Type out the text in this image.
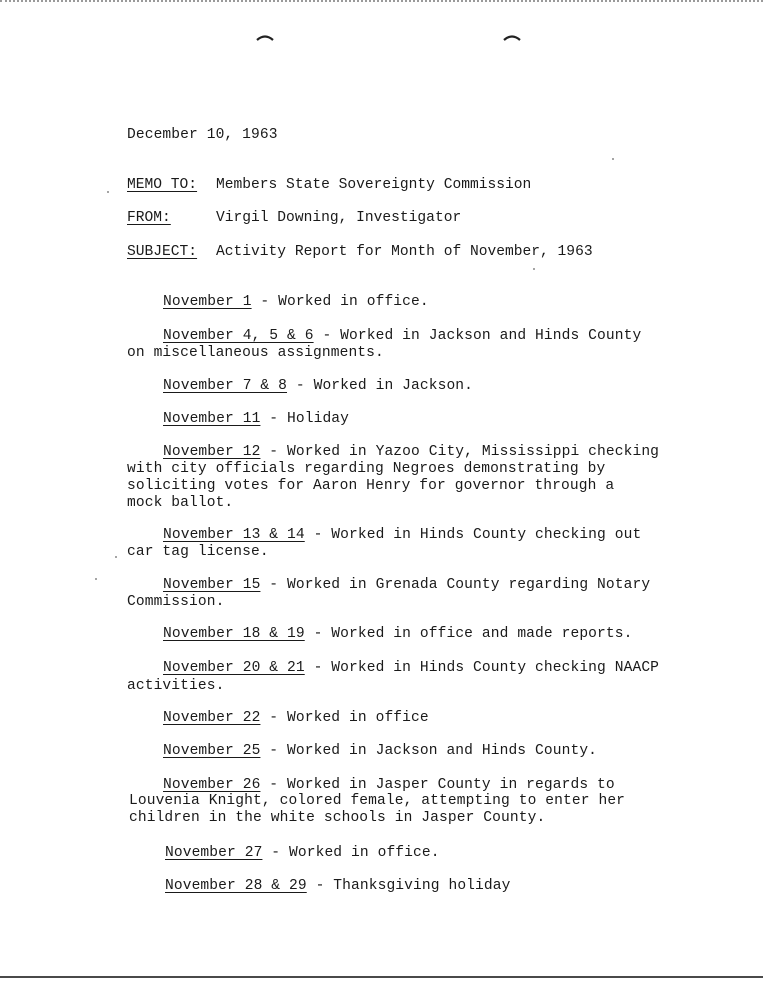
December 10, 1963
MEMO TO: Members State Sovereignty Commission
FROM:	Virgil Downing, Investigator
SUBJECT: Activity Report for Month of November, 1963
November 1 - Worked in office.
November 4, 5 & 6 - Worked in Jackson and Hinds County
on miscellaneous assignments.
November 7 & 8 - Worked in Jackson.
November 11 - Holiday
November 12 - Worked in Yazoo City, Mississippi checking
with city officials regarding Negroes demonstrating by
soliciting votes for Aaron Henry for governor through a
mock ballot.
November 13 & 14 - Worked in Hinds County checking out
car tag license.
November 15 - Worked in Grenada County regarding Notary
Commission.
November 18 & 19 - Worked in office and made reports.
November 20 & 21 - Worked in Hinds County checking NAACP
activities.
November 22 - Worked in office
November 25 - Worked in Jackson and Hinds County.
November 26 - Worked in Jasper County in regards to
Louvenia Knight, colored female, attempting to enter her
children in the white schools in Jasper County.
November 27 - Worked in office.
November 28 & 29 - Thanksgiving holiday
